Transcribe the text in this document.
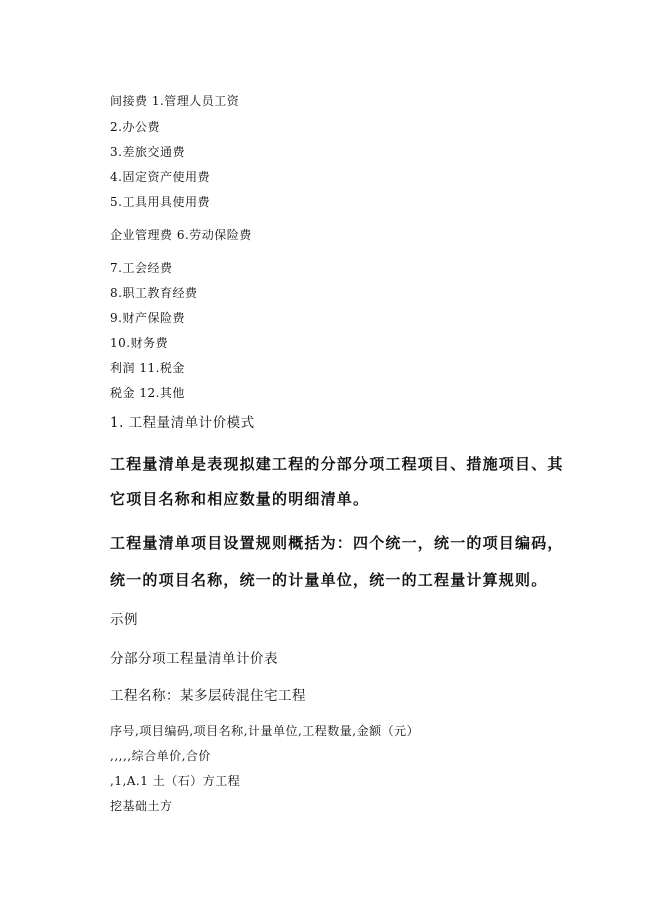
间接费 1.管理人员工资
2.办公费
3.差旅交通费
4.固定资产使用费
5.工具用具使用费
企业管理费 6.劳动保险费
7.工会经费
8.职工教育经费
9.财产保险费
10.财务费
利润 11.税金
税金 12.其他
1. 工程量清单计价模式
工程量清单是表现拟建工程的分部分项工程项目、措施项目、其
它项目名称和相应数量的明细清单。
工程量清单项目设置规则概括为：四个统一，统一的项目编码，
统一的项目名称，统一的计量单位，统一的工程量计算规则。
示例
分部分项工程量清单计价表
工程名称：某多层砖混住宅工程
序号,项目编码,项目名称,计量单位,工程数量,金额（元）
,,,,,综合单价,合价
,1,A.1 土（石）方工程
挖基础土方
